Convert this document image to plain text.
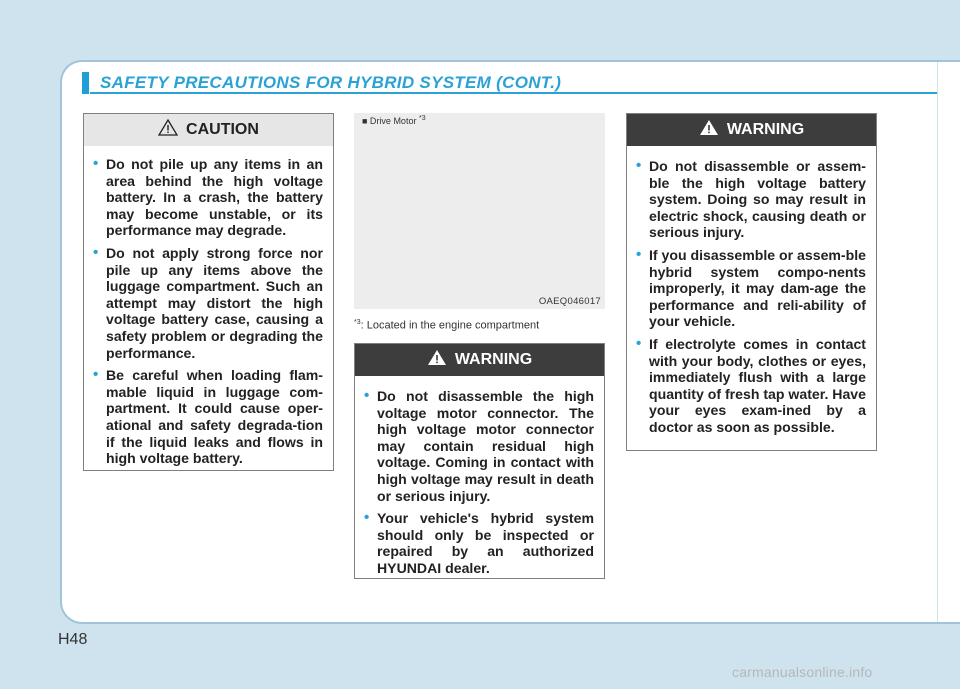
SAFETY PRECAUTIONS FOR HYBRID SYSTEM (CONT.)
CAUTION
• Do not pile up any items in an area behind the high voltage battery. In a crash, the battery may become unstable, or its performance may degrade.
• Do not apply strong force nor pile up any items above the luggage compartment. Such an attempt may distort the high voltage battery case, causing a safety problem or degrading the performance.
• Be careful when loading flam-mable liquid in luggage com-partment. It could cause oper-ational and safety degrada-tion if the liquid leaks and flows in high voltage battery.
■ Drive Motor $^{*3}$
OAEQ046017
$^{*3}$: Located in the engine compartment
WARNING
• Do not disassemble the high voltage motor connector. The high voltage motor connector may contain residual high voltage. Coming in contact with high voltage may result in death or serious injury.
• Your vehicle's hybrid system should only be inspected or repaired by an authorized HYUNDAI dealer.
WARNING
• Do not disassemble or assem-ble the high voltage battery system. Doing so may result in electric shock, causing death or serious injury.
• If you disassemble or assem-ble hybrid system compo-nents improperly, it may dam-age the performance and reli-ability of your vehicle.
• If electrolyte comes in contact with your body, clothes or eyes, immediately flush with a large quantity of fresh tap water. Have your eyes exam-ined by a doctor as soon as possible.
H48
carmanualsonline.info
